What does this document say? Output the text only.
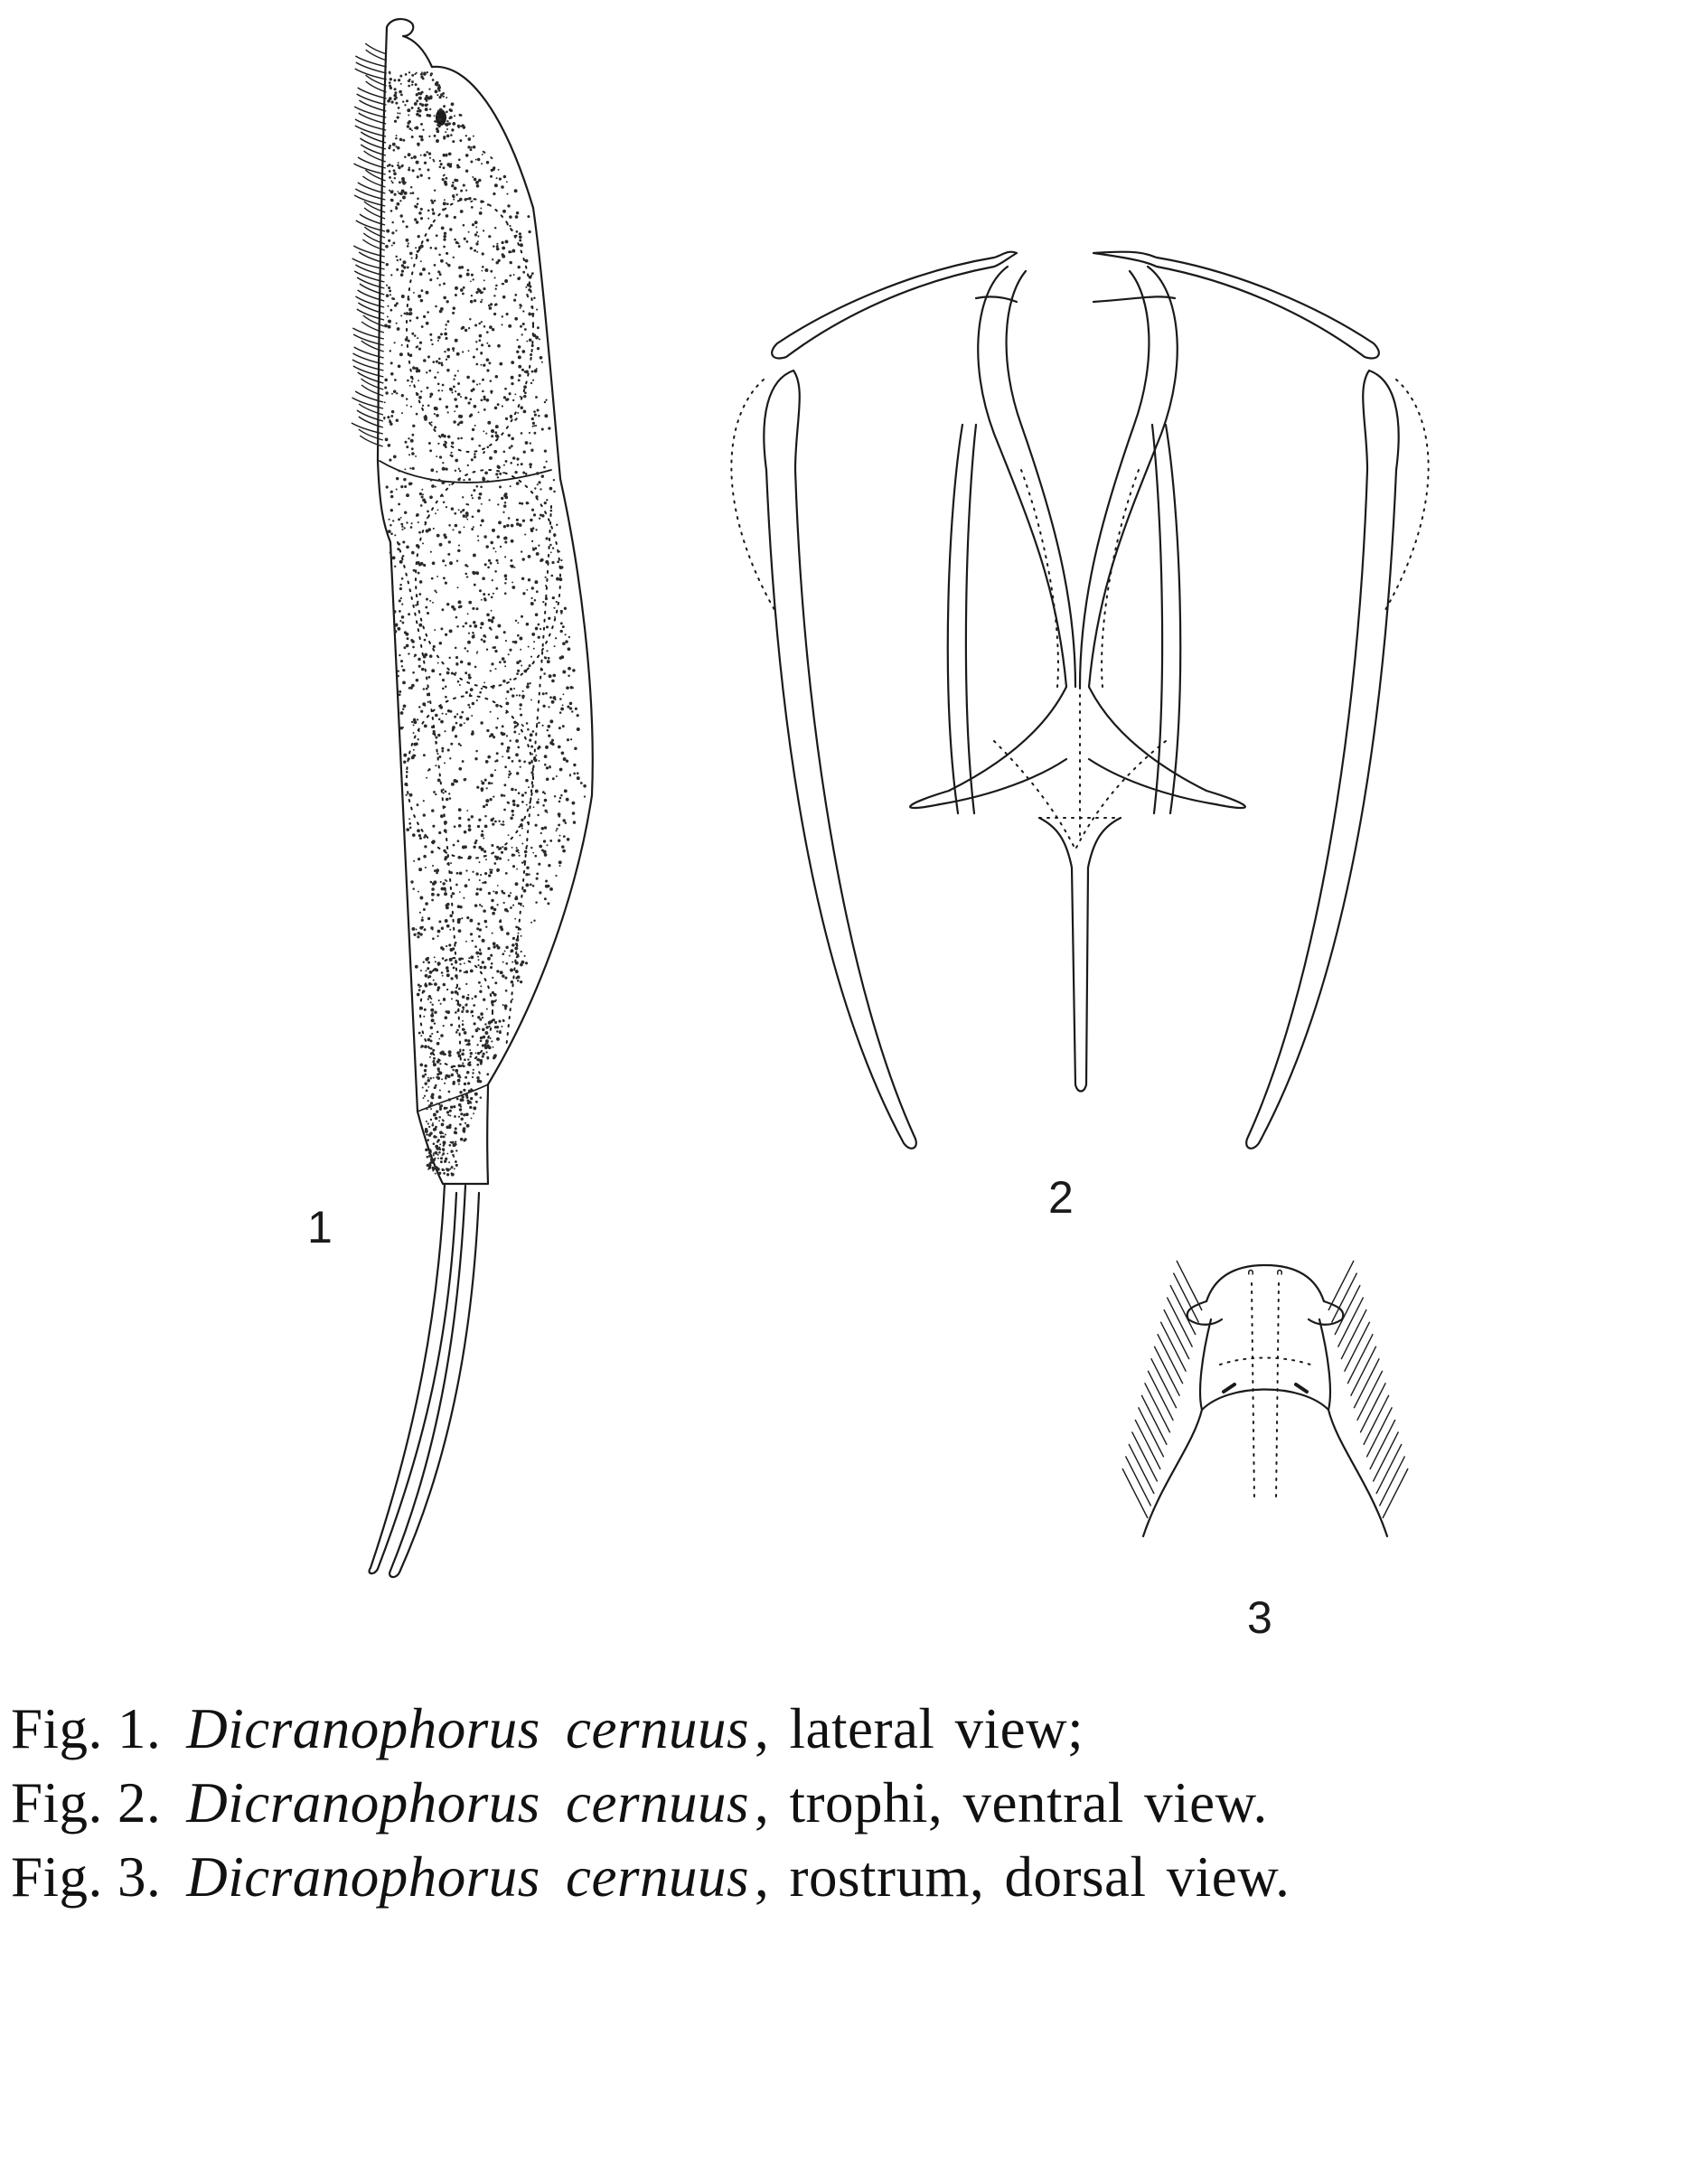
1
2
3
Fig. 1. Dicranophorus cernuus, lateral view;
Fig. 2. Dicranophorus cernuus, trophi, ventral view.
Fig. 3. Dicranophorus cernuus, rostrum, dorsal view.
